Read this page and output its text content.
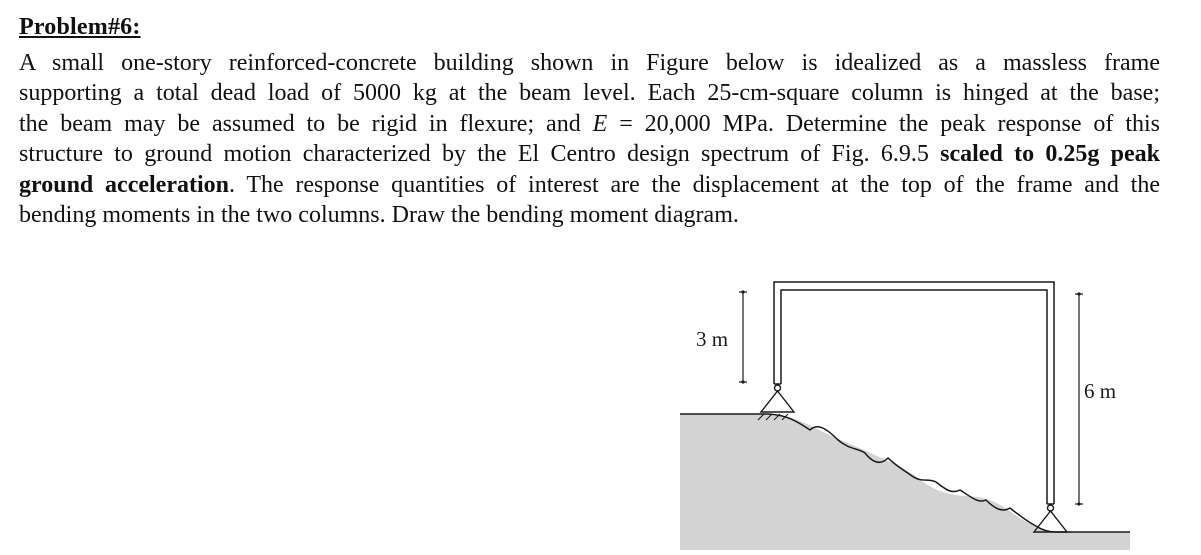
Problem#6:
A small one-story reinforced-concrete building shown in Figure below is idealized as a massless frame
supporting a total dead load of 5000 kg at the beam level. Each 25-cm-square column is hinged at the base;
the beam may be assumed to be rigid in flexure; and E = 20,000 MPa. Determine the peak response of this
structure to ground motion characterized by the El Centro design spectrum of Fig. 6.9.5 scaled to 0.25g peak
ground acceleration. The response quantities of interest are the displacement at the top of the frame and the
bending moments in the two columns. Draw the bending moment diagram.
3 m
6 m
